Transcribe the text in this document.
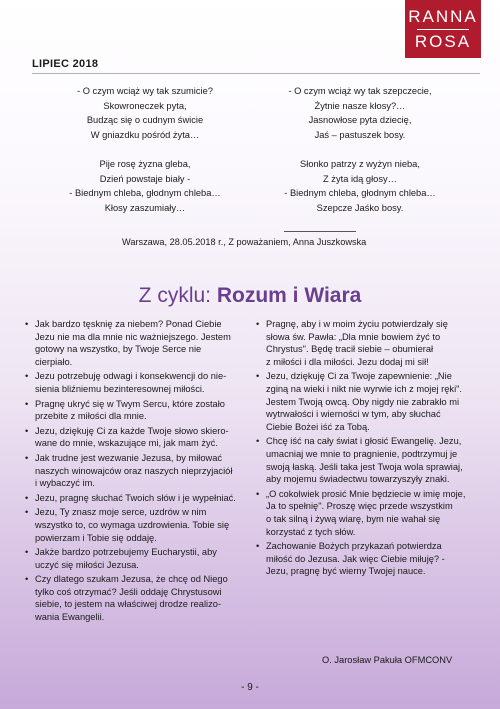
RANNA
ROSA
LIPIEC 2018
- O czym wciąż wy tak szumicie?
Skowroneczek pyta,
Budząc się o cudnym świcie
W gniazdku pośród żyta…
Pije rosę żyzna gleba,
Dzień powstaje biały -
- Biednym chleba, głodnym chleba…
Kłosy zaszumiały…
- O czym wciąż wy tak szepczecie,
Żytnie nasze kłosy?…
Jasnowłose pyta dziecię,
Jaś – pastuszek bosy.
Słonko patrzy z wyżyn nieba,
Z żyta idą głosy…
- Biednym chleba, głodnym chleba…
Szepcze Jaśko bosy.
Warszawa, 28.05.2018 r., Z poważaniem, Anna Juszkowska
Z cyklu: Rozum i Wiara
• Jak bardzo tęsknię za niebem? Ponad Ciebie
Jezu nie ma dla mnie nic ważniejszego. Jestem
gotowy na wszystko, by Twoje Serce nie
cierpiało.
• Jezu potrzebuję odwagi i konsekwencji do nie-
sienia bliźniemu bezinteresownej miłości.
• Pragnę ukryć się w Twym Sercu, które zostało
przebite z miłości dla mnie.
• Jezu, dziękuję Ci za każde Twoje słowo skiero-
wane do mnie, wskazujące mi, jak mam żyć.
• Jak trudne jest wezwanie Jezusa, by miłować
naszych winowajców oraz naszych nieprzyjaciół
i wybaczyć im.
• Jezu, pragnę słuchać Twoich słów i je wypełniać.
• Jezu, Ty znasz moje serce, uzdrów w nim
wszystko to, co wymaga uzdrowienia. Tobie się
powierzam i Tobie się oddaję.
• Jakże bardzo potrzebujemy Eucharystii, aby
uczyć się miłości Jezusa.
• Czy dlatego szukam Jezusa, że chcę od Niego
tylko coś otrzymać? Jeśli oddaję Chrystusowi
siebie, to jestem na właściwej drodze realizo-
wania Ewangelii.
• Pragnę, aby i w moim życiu potwierdzały się
słowa św. Pawła: „Dla mnie bowiem żyć to
Chrystus". Będę tracił siebie – obumierał
z miłości i dla miłości. Jezu dodaj mi sił!
• Jezu, dziękuję Ci za Twoje zapewnienie: „Nie
zginą na wieki i nikt nie wyrwie ich z mojej ręki".
Jestem Twoją owcą. Oby nigdy nie zabrakło mi
wytrwałości i wierności w tym, aby słuchać
Ciebie Bożei iść za Tobą.
• Chcę iść na cały świat i głosić Ewangelię. Jezu,
umacniaj we mnie to pragnienie, podtrzymuj je
swoją łaską. Jeśli taka jest Twoja wola sprawiaj,
aby mojemu świadectwu towarzyszyły znaki.
• „O cokolwiek prosić Mnie będziecie w imię moje,
Ja to spełnię". Proszę więc przede wszystkim
o tak silną i żywą wiarę, bym nie wahał się
korzystać z tych słów.
• Zachowanie Bożych przykazań potwierdza
miłość do Jezusa. Jak więc Ciebie miłuję? -
Jezu, pragnę być wierny Twojej nauce.
O. Jarosław Pakuła OFMCONV
- 9 -
